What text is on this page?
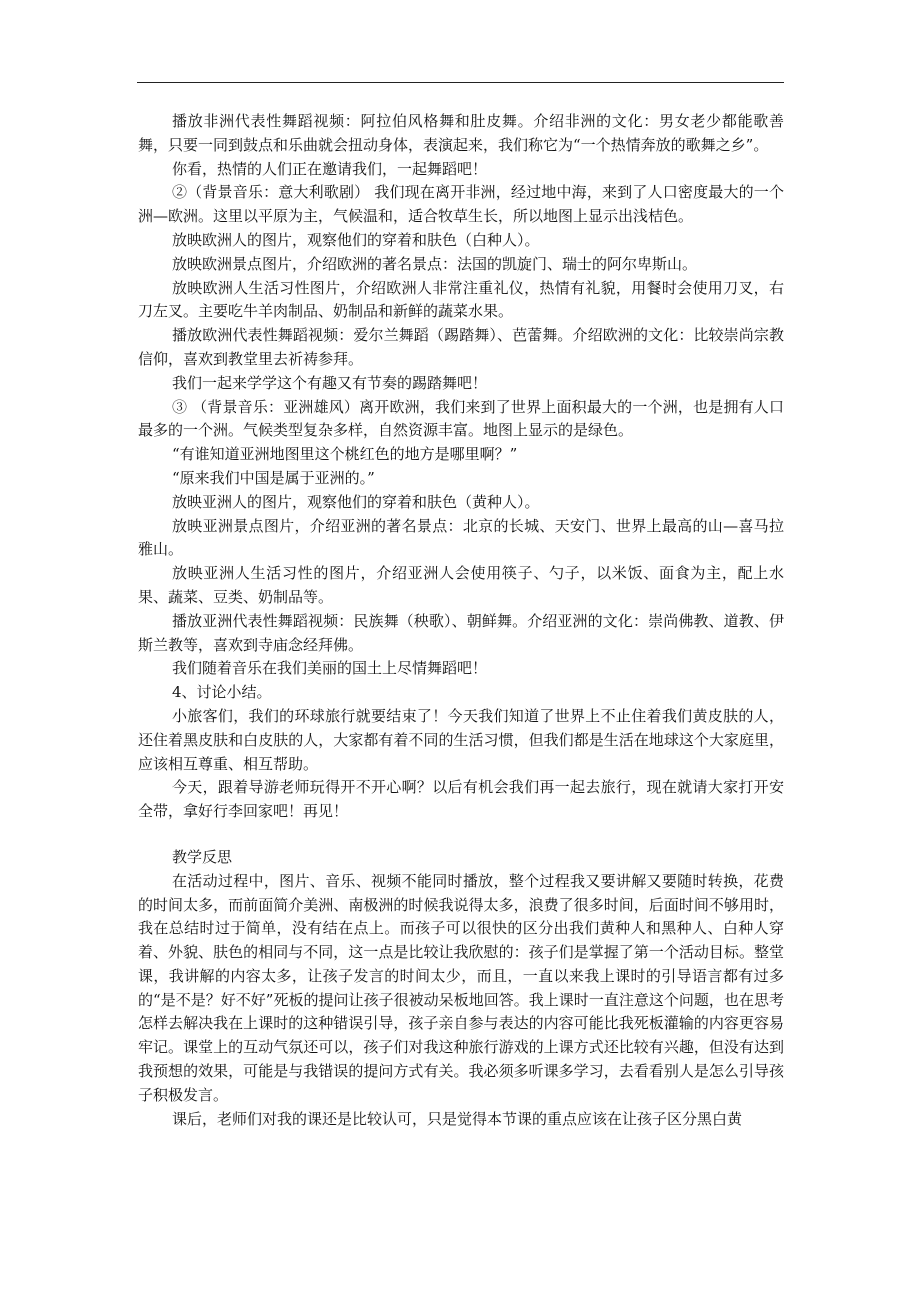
播放非洲代表性舞蹈视频：阿拉伯风格舞和肚皮舞。介绍非洲的文化：男女老少都能歌善舞，只要一同到鼓点和乐曲就会扭动身体，表演起来，我们称它为“一个热情奔放的歌舞之乡”。

你看，热情的人们正在邀请我们，一起舞蹈吧！

②（背景音乐：意大利歌剧） 我们现在离开非洲，经过地中海，来到了人口密度最大的一个洲—欧洲。这里以平原为主，气候温和，适合牧草生长，所以地图上显示出浅桔色。

放映欧洲人的图片，观察他们的穿着和肤色（白种人）。

放映欧洲景点图片，介绍欧洲的著名景点：法国的凯旋门、瑞士的阿尔卑斯山。

放映欧洲人生活习性图片，介绍欧洲人非常注重礼仪，热情有礼貌，用餐时会使用刀叉，右刀左叉。主要吃牛羊肉制品、奶制品和新鲜的蔬菜水果。

播放欧洲代表性舞蹈视频：爱尔兰舞蹈（踢踏舞）、芭蕾舞。介绍欧洲的文化：比较崇尚宗教信仰，喜欢到教堂里去祈祷参拜。

我们一起来学学这个有趣又有节奏的踢踏舞吧！

③ （背景音乐：亚洲雄风）离开欧洲，我们来到了世界上面积最大的一个洲，也是拥有人口最多的一个洲。气候类型复杂多样，自然资源丰富。地图上显示的是绿色。

“有谁知道亚洲地图里这个桃红色的地方是哪里啊？”

“原来我们中国是属于亚洲的。”

放映亚洲人的图片，观察他们的穿着和肤色（黄种人）。

放映亚洲景点图片，介绍亚洲的著名景点：北京的长城、天安门、世界上最高的山—喜马拉雅山。

放映亚洲人生活习性的图片，介绍亚洲人会使用筷子、勺子，以米饭、面食为主，配上水果、蔬菜、豆类、奶制品等。

播放亚洲代表性舞蹈视频：民族舞（秧歌）、朝鲜舞。介绍亚洲的文化：崇尚佛教、道教、伊斯兰教等，喜欢到寺庙念经拜佛。

我们随着音乐在我们美丽的国土上尽情舞蹈吧！

4、讨论小结。

小旅客们，我们的环球旅行就要结束了！今天我们知道了世界上不止住着我们黄皮肤的人，还住着黑皮肤和白皮肤的人，大家都有着不同的生活习惯，但我们都是生活在地球这个大家庭里，应该相互尊重、相互帮助。

今天，跟着导游老师玩得开不开心啊？以后有机会我们再一起去旅行，现在就请大家打开安全带，拿好行李回家吧！再见！

教学反思

在活动过程中，图片、音乐、视频不能同时播放，整个过程我又要讲解又要随时转换，花费的时间太多，而前面简介美洲、南极洲的时候我说得太多，浪费了很多时间，后面时间不够用时，我在总结时过于简单，没有结在点上。而孩子可以很快的区分出我们黄种人和黑种人、白种人穿着、外貌、肤色的相同与不同，这一点是比较让我欣慰的：孩子们是掌握了第一个活动目标。整堂课，我讲解的内容太多，让孩子发言的时间太少，而且，一直以来我上课时的引导语言都有过多的“是不是？好不好”死板的提问让孩子很被动呆板地回答。我上课时一直注意这个问题，也在思考怎样去解决我在上课时的这种错误引导，孩子亲自参与表达的内容可能比我死板灌输的内容更容易牢记。课堂上的互动气氛还可以，孩子们对我这种旅行游戏的上课方式还比较有兴趣，但没有达到我预想的效果，可能是与我错误的提问方式有关。我必须多听课多学习，去看看别人是怎么引导孩子积极发言。

课后，老师们对我的课还是比较认可，只是觉得本节课的重点应该在让孩子区分黑白黄
